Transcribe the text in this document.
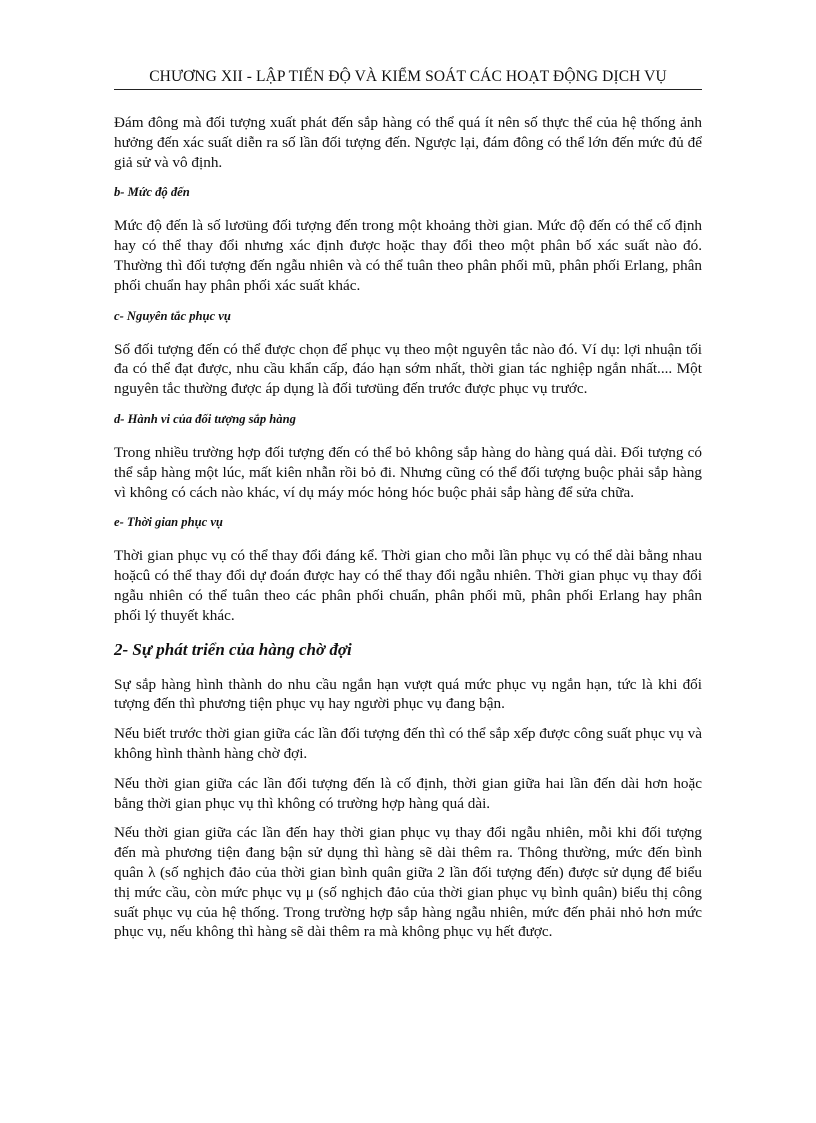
CHƯƠNG XII - LẬP TIẾN ĐỘ VÀ KIỂM SOÁT CÁC HOẠT ĐỘNG DỊCH VỤ

Đám đông mà đối tượng xuất phát đến sắp hàng có thể quá ít nên số thực thể của hệ thống ảnh hưởng đến xác suất diễn ra số lần đối tượng đến. Ngược lại, đám đông có thể lớn đến mức đủ để giả sử và vô định.

b- Mức độ đến

Mức độ đến là số lươüng đối tượng đến trong một khoảng thời gian. Mức độ đến có thể cố định hay có thể thay đổi nhưng xác định được hoặc thay đổi theo một phân bố xác suất nào đó. Thường thì đối tượng đến ngẫu nhiên và có thể tuân theo phân phối mũ, phân phối Erlang, phân phối chuẩn hay phân phối xác suất khác.

c- Nguyên tắc phục vụ

Số đối tượng đến có thể được chọn để phục vụ theo một nguyên tắc nào đó. Ví dụ: lợi nhuận tối đa có thể đạt được, nhu cầu khẩn cấp, đáo hạn sớm nhất, thời gian tác nghiệp ngắn nhất.... Một nguyên tắc thường được áp dụng là đối tươüng đến trước được phục vụ trước.

d- Hành vi của đối tượng sắp hàng

Trong nhiều trường hợp đối tượng đến có thể bỏ không sắp hàng do hàng quá dài. Đối tượng có thể sắp hàng một lúc, mất kiên nhẫn rồi bỏ đi. Nhưng cũng có thể đối tượng buộc phải sắp hàng vì không có cách nào khác, ví dụ máy móc hỏng hóc buộc phải sắp hàng để sửa chữa.

e- Thời gian phục vụ

Thời gian phục vụ có thể thay đổi đáng kể. Thời gian cho mỗi lần phục vụ có thể dài bằng nhau hoặcû có thể thay đổi dự đoán được hay có thể thay đổi ngẫu nhiên. Thời gian phục vụ thay đổi ngẫu nhiên có thể tuân theo các phân phối chuẩn, phân phối mũ, phân phối Erlang hay phân phối lý thuyết khác.

2- Sự phát triển của hàng chờ đợi

Sự sắp hàng hình thành do nhu cầu ngắn hạn vượt quá mức phục vụ ngắn hạn, tức là khi đối tượng đến thì phương tiện phục vụ hay người phục vụ đang bận.

Nếu biết trước thời gian giữa các lần đối tượng đến thì có thể sắp xếp được công suất phục vụ và không hình thành hàng chờ đợi.

Nếu thời gian giữa các lần đối tượng đến là cố định, thời gian giữa hai lần đến dài hơn hoặc bằng thời gian phục vụ thì không có trường hợp hàng quá dài.

Nếu thời gian giữa các lần đến hay thời gian phục vụ thay đổi ngẫu nhiên, mỗi khi đối tượng đến mà phương tiện đang bận sử dụng thì hàng sẽ dài thêm ra. Thông thường, mức đến bình quân λ (số nghịch đảo của thời gian bình quân giữa 2 lần đối tượng đến) được sử dụng để biểu thị mức cầu, còn mức phục vụ μ (số nghịch đảo của thời gian phục vụ bình quân) biểu thị công suất phục vụ của hệ thống. Trong trường hợp sắp hàng ngẫu nhiên, mức đến phải nhỏ hơn mức phục vụ, nếu không thì hàng sẽ dài thêm ra mà không phục vụ hết được.
